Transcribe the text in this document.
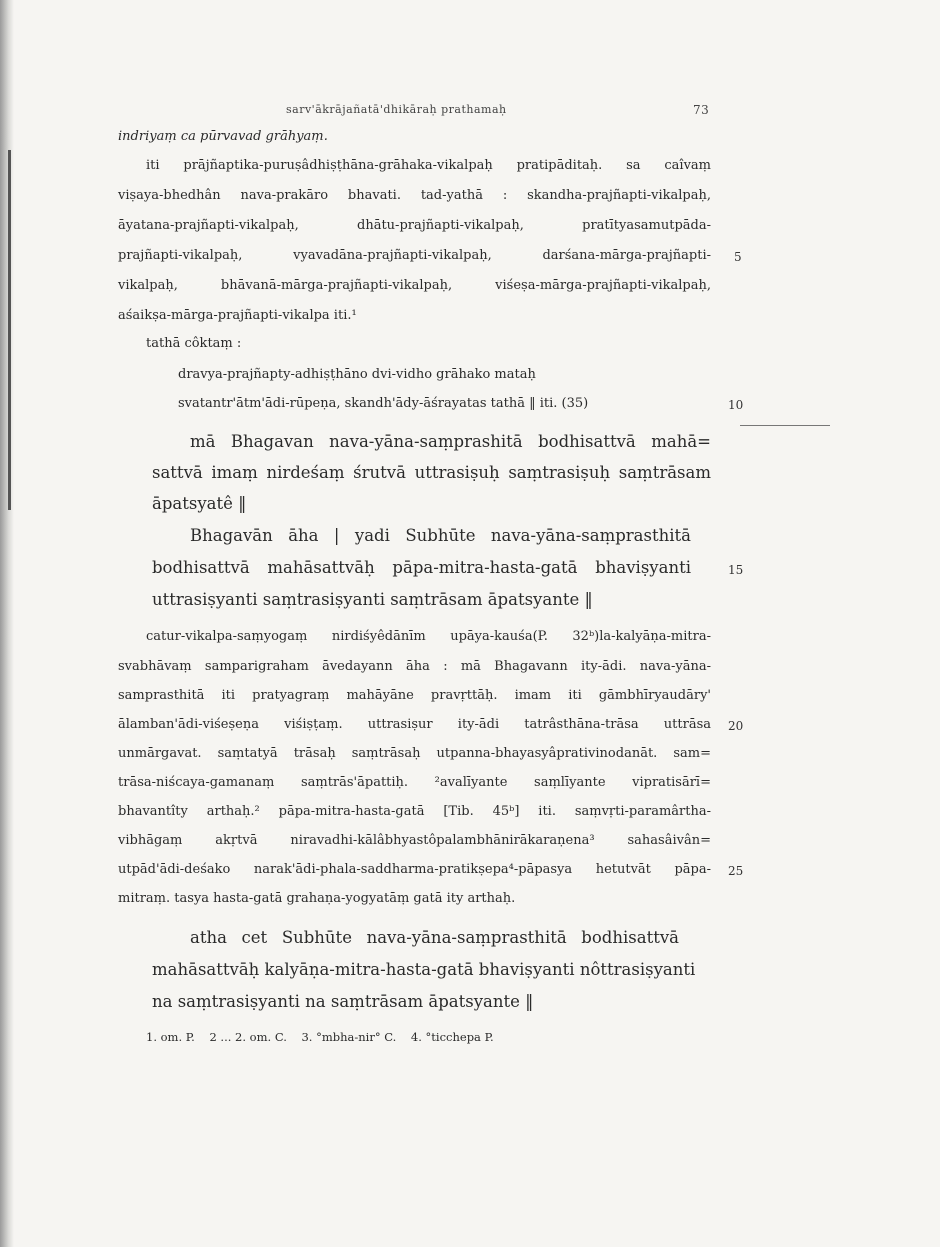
sarv'ākrājañatā'dhikāraḥ prathamaḥ	73
indriyaṃ ca pūrvavad grāhyaṃ.
iti prājñaptika-puruṣâdhiṣṭhāna-grāhaka-vikalpaḥ pratipāditaḥ. sa caîvaṃ
viṣaya-bhedhân nava-prakāro bhavati. tad-yathā : skandha-prajñapti-vikalpaḥ,
āyatana-prajñapti-vikalpaḥ, dhātu-prajñapti-vikalpaḥ, pratītyasamutpāda-
prajñapti-vikalpaḥ, vyavadāna-prajñapti-vikalpaḥ, darśana-mārga-prajñapti-
vikalpaḥ, bhāvanā-mārga-prajñapti-vikalpaḥ, viśeṣa-mārga-prajñapti-vikalpaḥ,
aśaikṣa-mārga-prajñapti-vikalpa iti.¹
tathā côktaṃ :
dravya-prajñapty-adhiṣṭhāno dvi-vidho grāhako mataḥ
svatantr'ātm'ādi-rūpeṇa, skandh'ādy-āśrayatas tathā ‖ iti. (35)
mā Bhagavan nava-yāna-saṃprashitā bodhisattvā mahā=
sattvā imaṃ nirdeśaṃ śrutvā uttrasiṣuḥ saṃtrasiṣuḥ saṃtrāsam
āpatsyatê ‖
Bhagavān āha | yadi Subhūte nava-yāna-saṃprasthitā
bodhisattvā mahāsattvāḥ pāpa-mitra-hasta-gatā bhaviṣyanti
uttrasiṣyanti saṃtrasiṣyanti saṃtrāsam āpatsyante ‖
catur-vikalpa-saṃyogaṃ nirdiśyêdānīm upāya-kauśa(P. 32ᵇ)la-kalyāṇa-mitra-
svabhāvaṃ samparigraham āvedayann āha : mā Bhagavann ity-ādi. nava-yāna-
samprasthitā iti pratyagraṃ mahāyāne pravṛttāḥ. imam iti gāmbhīryaudāry'
ālamban'ādi-viśeṣeṇa viśiṣṭaṃ. uttrasiṣur ity-ādi tatrâsthāna-trāsa uttrāsa
unmārgavat. saṃtatyā trāsaḥ saṃtrāsaḥ utpanna-bhayasyâprativinodanāt. sam=
trāsa-niścaya-gamanaṃ saṃtrās'āpattiḥ. ²avalīyante saṃlīyante vipratisārī=
bhavantîty arthaḥ.² pāpa-mitra-hasta-gatā [Tib. 45ᵇ] iti. saṃvṛti-paramârtha-
vibhāgaṃ akṛtvā niravadhi-kālâbhyastôpalambhānirākaraṇena³ sahasâivân=
utpād'ādi-deśako narak'ādi-phala-saddharma-pratikṣepa⁴-pāpasya hetutvāt pāpa-
mitraṃ. tasya hasta-gatā grahaṇa-yogyatāṃ gatā ity arthaḥ.
atha cet Subhūte nava-yāna-saṃprasthitā bodhisattvā
mahāsattvāḥ kalyāṇa-mitra-hasta-gatā bhaviṣyanti nôttrasiṣyanti
na saṃtrasiṣyanti na saṃtrāsam āpatsyante ‖
1. om. P.    2 ... 2. om. C.    3. °mbha-nir° C.    4. °ticchepa P.
5
10
15
20
25
